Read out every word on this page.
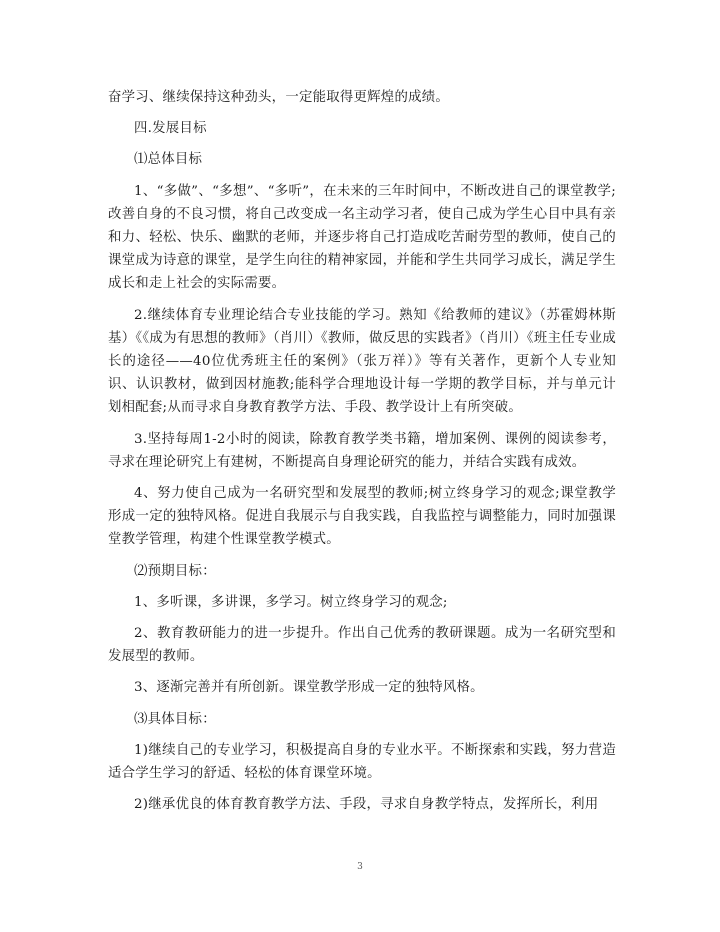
奋学习、继续保持这种劲头，一定能取得更辉煌的成绩。

四.发展目标

⑴总体目标

1、“多做”、“多想”、“多听”，在未来的三年时间中，不断改进自己的课堂教学;改善自身的不良习惯，将自己改变成一名主动学习者，使自己成为学生心目中具有亲和力、轻松、快乐、幽默的老师，并逐步将自己打造成吃苦耐劳型的教师，使自己的课堂成为诗意的课堂，是学生向往的精神家园，并能和学生共同学习成长，满足学生成长和走上社会的实际需要。

2.继续体育专业理论结合专业技能的学习。熟知《给教师的建议》（苏霍姆林斯基）《《成为有思想的教师》（肖川）《教师，做反思的实践者》（肖川）《班主任专业成长的途径——40位优秀班主任的案例》（张万祥）》等有关著作，更新个人专业知识、认识教材，做到因材施教;能科学合理地设计每一学期的教学目标，并与单元计划相配套;从而寻求自身教育教学方法、手段、教学设计上有所突破。

3.坚持每周1-2小时的阅读，除教育教学类书籍，增加案例、课例的阅读参考，寻求在理论研究上有建树，不断提高自身理论研究的能力，并结合实践有成效。

4、努力使自己成为一名研究型和发展型的教师;树立终身学习的观念;课堂教学形成一定的独特风格。促进自我展示与自我实践，自我监控与调整能力，同时加强课堂教学管理，构建个性课堂教学模式。

⑵预期目标：

1、多听课，多讲课，多学习。树立终身学习的观念;

2、教育教研能力的进一步提升。作出自己优秀的教研课题。成为一名研究型和发展型的教师。

3、逐渐完善并有所创新。课堂教学形成一定的独特风格。

⑶具体目标：

1)继续自己的专业学习，积极提高自身的专业水平。不断探索和实践，努力营造适合学生学习的舒适、轻松的体育课堂环境。

2)继承优良的体育教育教学方法、手段，寻求自身教学特点，发挥所长，利用

3
